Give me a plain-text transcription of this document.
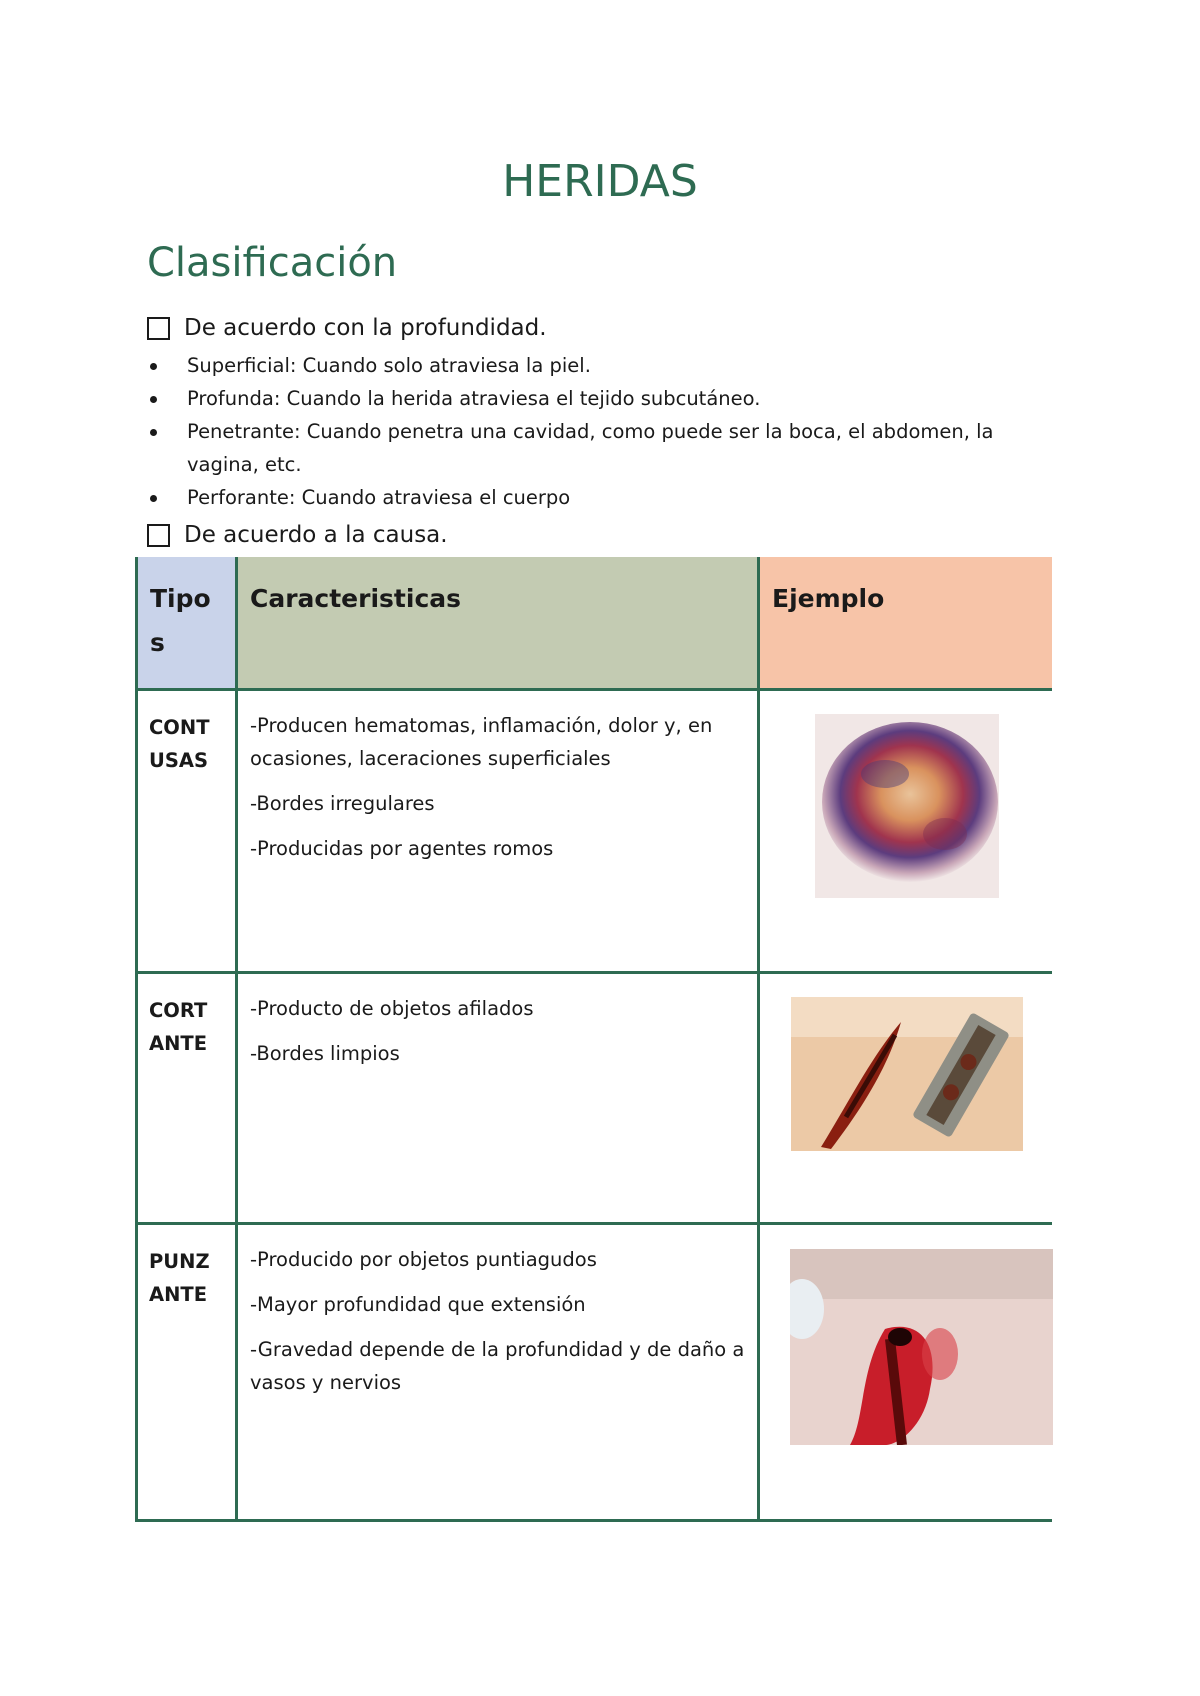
HERIDAS
Clasificación
De acuerdo con la profundidad.
Superficial: Cuando solo atraviesa la piel.
Profunda: Cuando la herida atraviesa el tejido subcutáneo.
Penetrante: Cuando penetra una cavidad, como puede ser la boca, el abdomen, la vagina, etc.
Perforante: Cuando atraviesa el cuerpo
De acuerdo a la causa.
Tipos	Caracteristicas	Ejemplo

CONTUSAS	-Producen hematomas, inflamación, dolor y, en ocasiones, laceraciones superficiales

-Bordes irregulares

-Producidas por agentes romos

CORTANTE	-Producto de objetos afilados

-Bordes limpios

PUNZANTE	-Producido por objetos puntiagudos

-Mayor profundidad que extensión

-Gravedad depende de la profundidad y de daño a vasos y nervios
